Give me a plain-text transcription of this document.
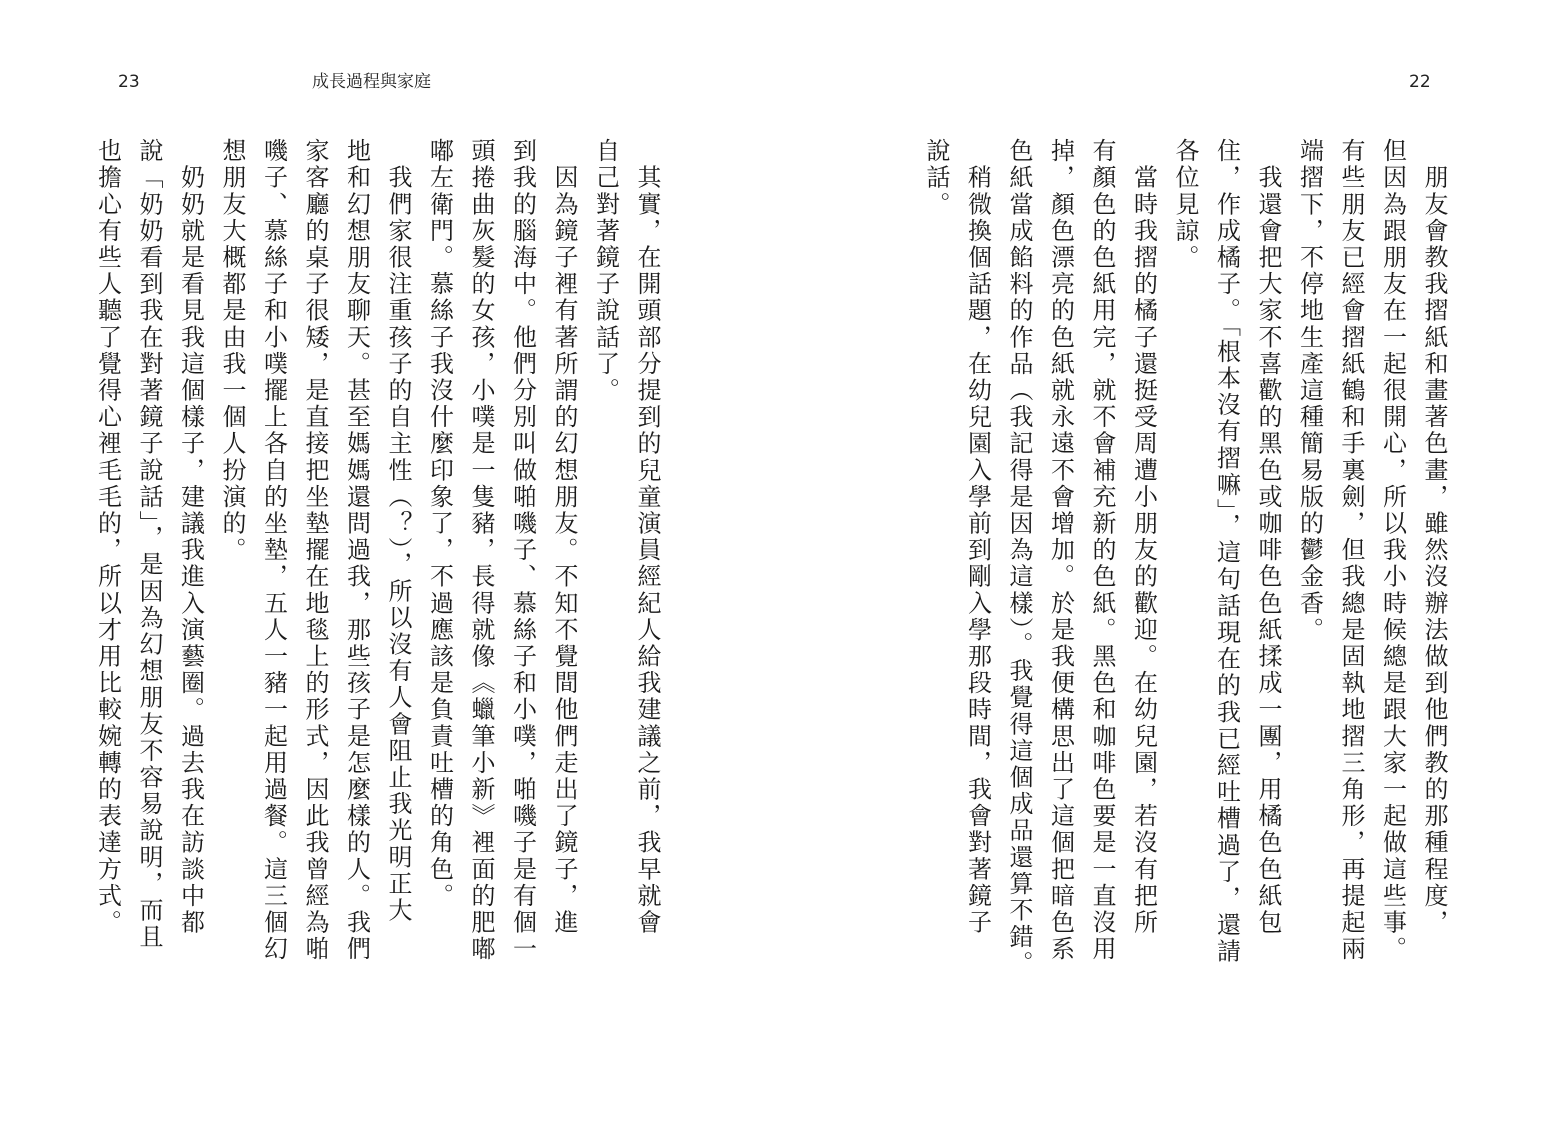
23	成長過程與家庭	22
　朋友會教我摺紙和畫著色畫，雖然沒辦法做到他們教的那種程度，
但因為跟朋友在一起很開心，所以我小時候總是跟大家一起做這些事。
有些朋友已經會摺紙鶴和手裏劍，但我總是固執地摺三角形，再提起兩
端摺下，不停地生產這種簡易版的鬱金香。
　我還會把大家不喜歡的黑色或咖啡色色紙揉成一團，用橘色色紙包
住，作成橘子。「根本沒有摺嘛」，這句話現在的我已經吐槽過了，還請
各位見諒。
　當時我摺的橘子還挺受周遭小朋友的歡迎。在幼兒園，若沒有把所
有顏色的色紙用完，就不會補充新的色紙。黑色和咖啡色要是一直沒用
掉，顏色漂亮的色紙就永遠不會增加。於是我便構思出了這個把暗色系
色紙當成餡料的作品（我記得是因為這樣）。我覺得這個成品還算不錯。
　稍微換個話題，在幼兒園入學前到剛入學那段時間，我會對著鏡子
說話。
　其實，在開頭部分提到的兒童演員經紀人給我建議之前，我早就會
自己對著鏡子說話了。
　因為鏡子裡有著所謂的幻想朋友。不知不覺間他們走出了鏡子，進
到我的腦海中。他們分別叫做啪嘰子、慕絲子和小噗，啪嘰子是有個一
頭捲曲灰髮的女孩，小噗是一隻豬，長得就像《蠟筆小新》裡面的肥嘟
嘟左衛門。慕絲子我沒什麼印象了，不過應該是負責吐槽的角色。
　我們家很注重孩子的自主性（？），所以沒有人會阻止我光明正大
地和幻想朋友聊天。甚至媽媽還問過我，那些孩子是怎麼樣的人。我們
家客廳的桌子很矮，是直接把坐墊擺在地毯上的形式，因此我曾經為啪
嘰子、慕絲子和小噗擺上各自的坐墊，五人一豬一起用過餐。這三個幻
想朋友大概都是由我一個人扮演的。
　奶奶就是看見我這個樣子，建議我進入演藝圈。過去我在訪談中都
說「奶奶看到我在對著鏡子說話」，是因為幻想朋友不容易說明，而且
也擔心有些人聽了覺得心裡毛毛的，所以才用比較婉轉的表達方式。
